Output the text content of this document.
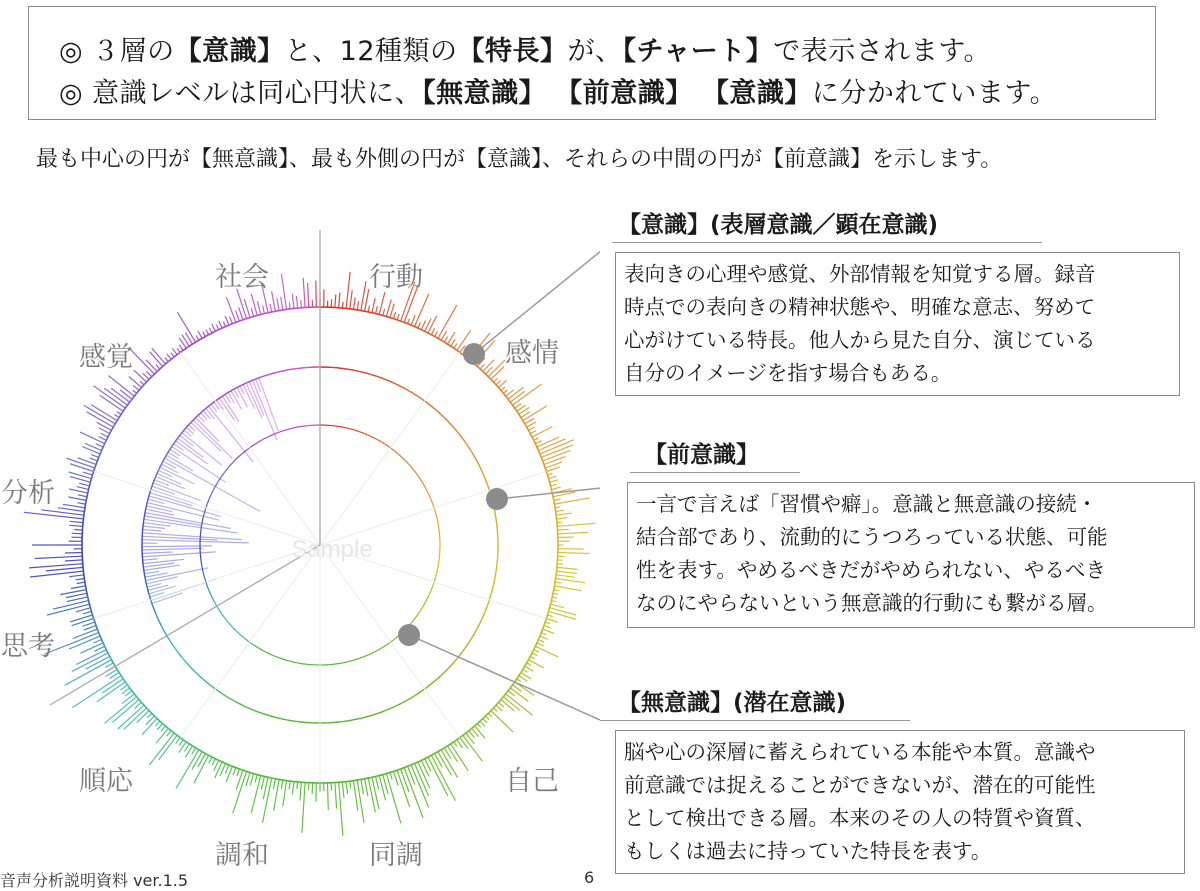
◎ ３層の【意識】と、12種類の【特長】が、【チャート】で表示されます。
◎ 意識レベルは同心円状に、【無意識】 【前意識】 【意識】に分かれています。
最も中心の円が【無意識】、最も外側の円が【意識】、それらの中間の円が【前意識】を示します。
Sample
行動
感情
自己
同調
調和
順応
思考
分析
感覚
社会
【意識】(表層意識／顕在意識)
表向きの心理や感覚、外部情報を知覚する層。録音
時点での表向きの精神状態や、明確な意志、努めて
心がけている特長。他人から見た自分、演じている
自分のイメージを指す場合もある。
【前意識】
一言で言えば「習慣や癖」。意識と無意識の接続・
結合部であり、流動的にうつろっている状態、可能
性を表す。やめるべきだがやめられない、やるべき
なのにやらないという無意識的行動にも繋がる層。
【無意識】(潜在意識)
脳や心の深層に蓄えられている本能や本質。意識や
前意識では捉えることができないが、潜在的可能性
として検出できる層。本来のその人の特質や資質、
もしくは過去に持っていた特長を表す。
音声分析説明資料 ver.1.5	6
